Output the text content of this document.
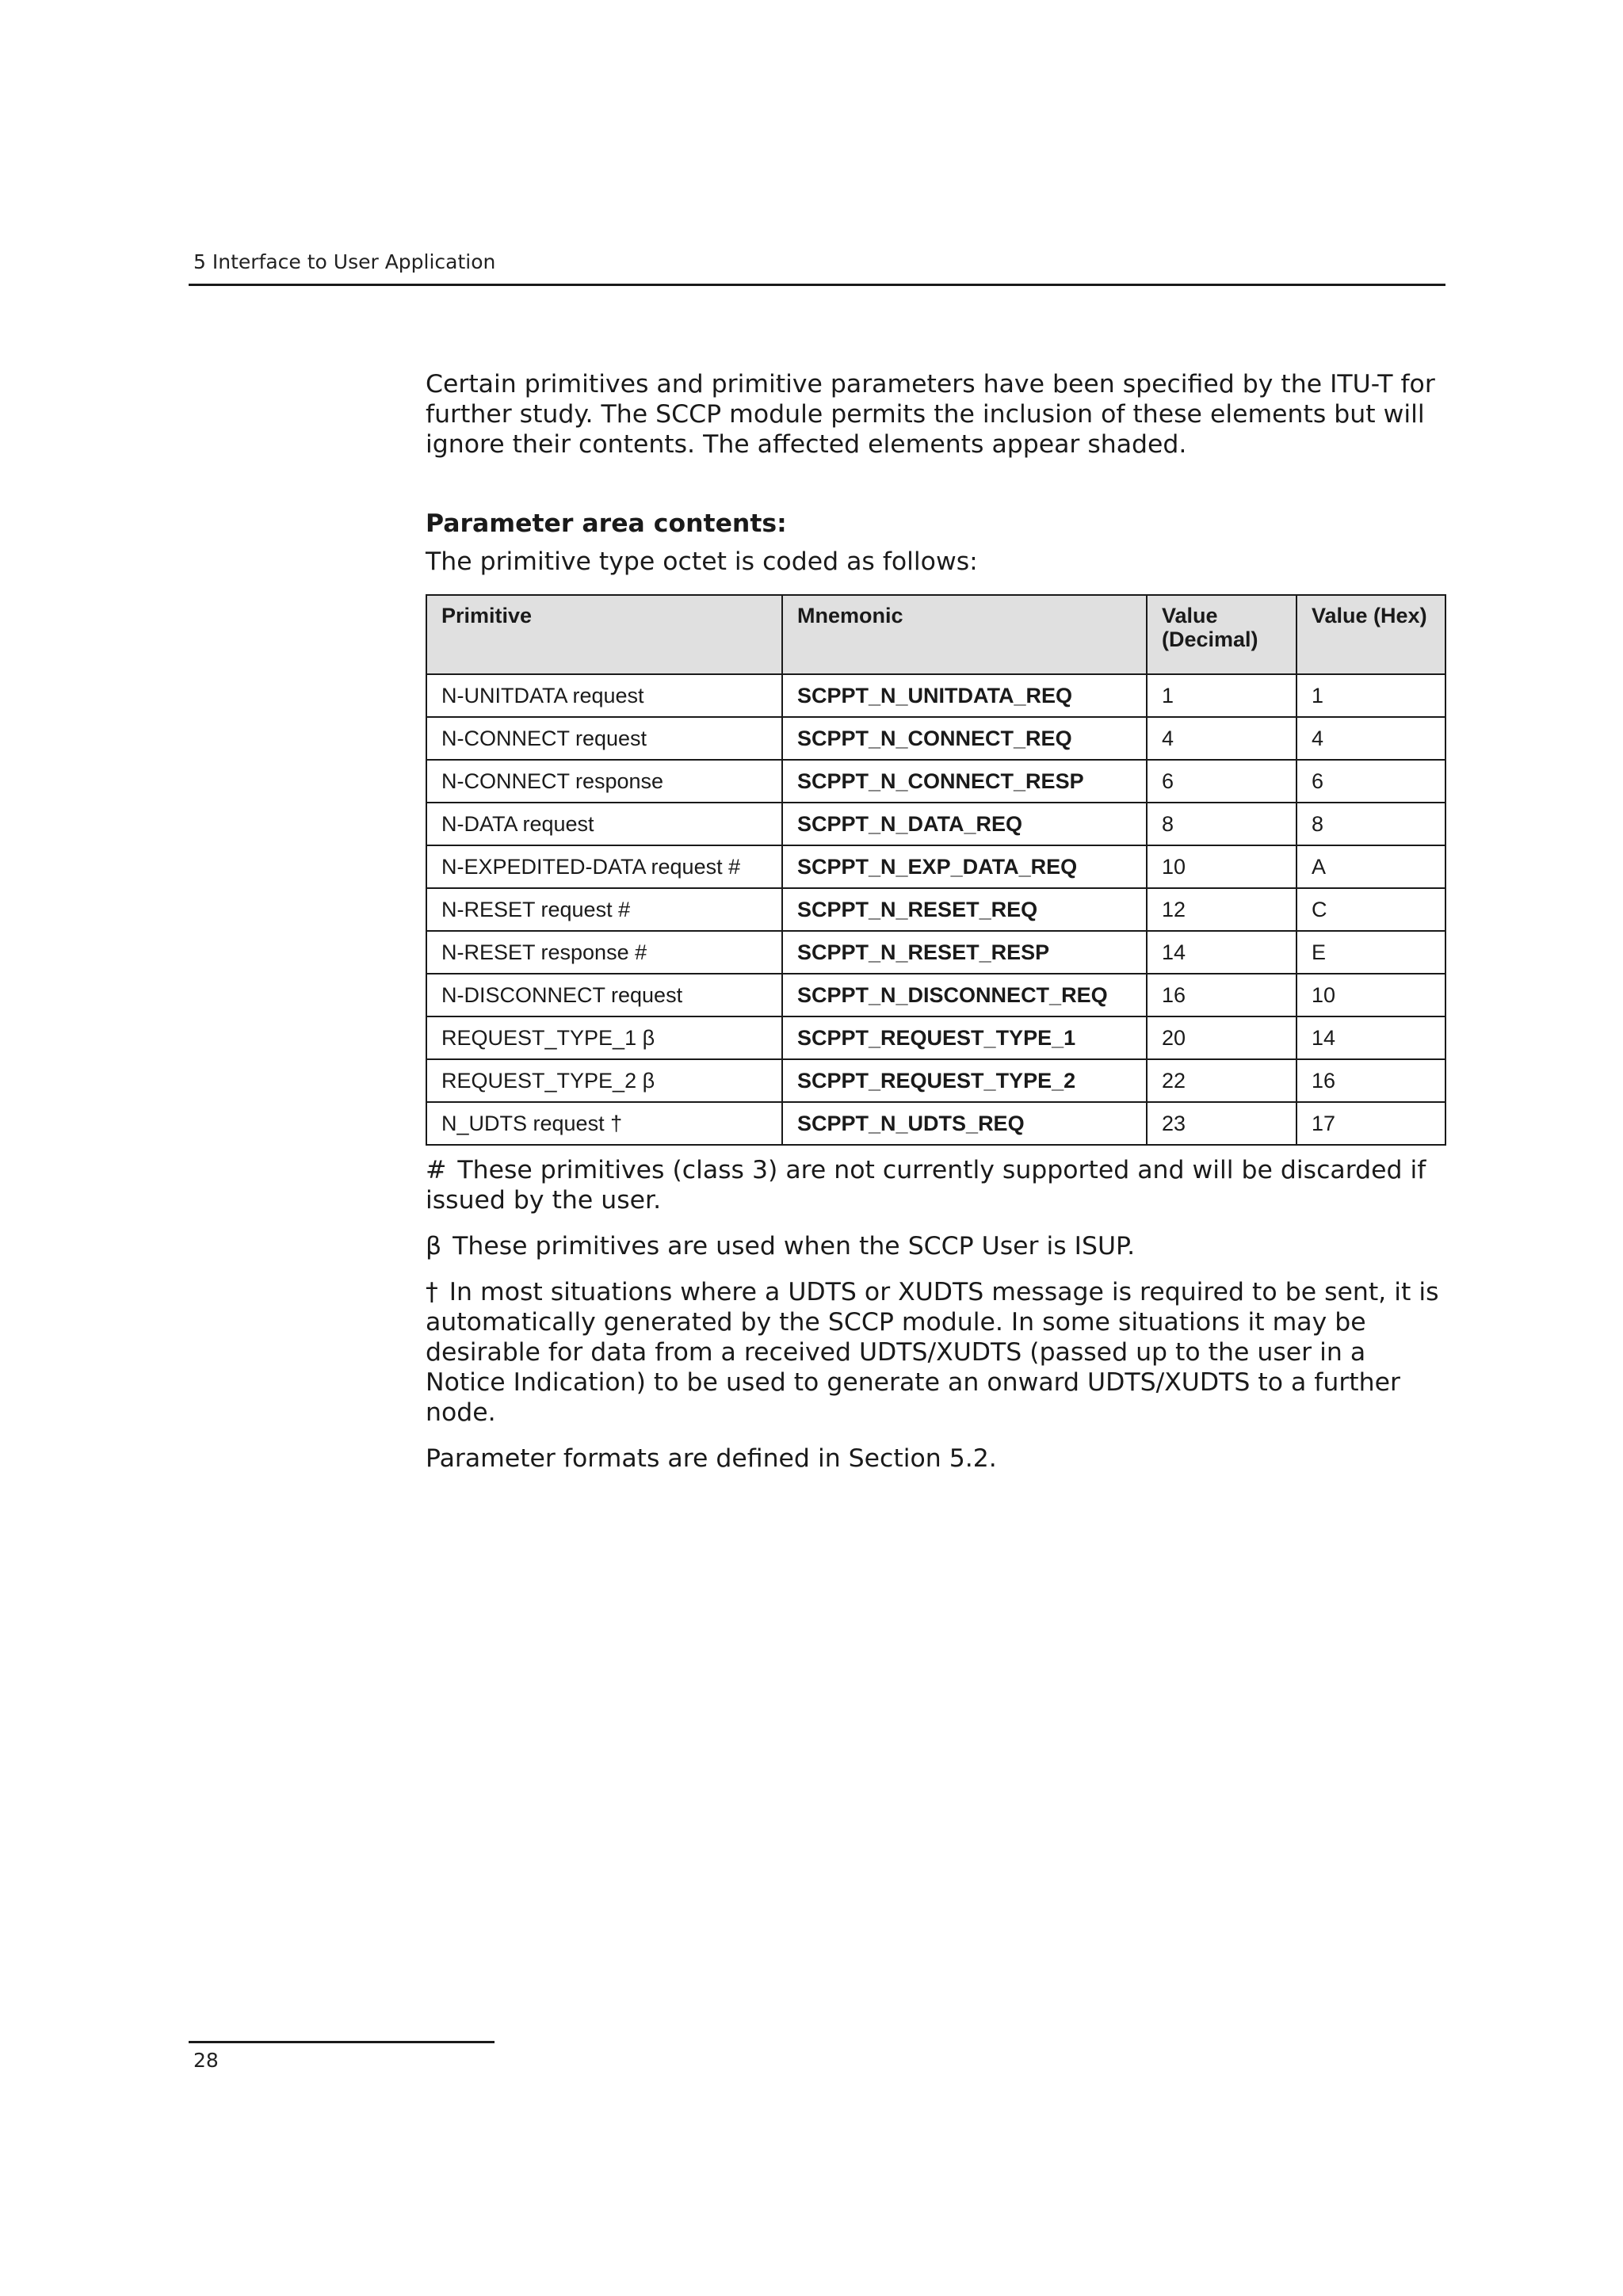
5 Interface to User Application

Certain primitives and primitive parameters have been specified by the ITU-T for further study. The SCCP module permits the inclusion of these elements but will ignore their contents. The affected elements appear shaded.

Parameter area contents:

The primitive type octet is coded as follows:

Primitive	Mnemonic	Value (Decimal)	Value (Hex)
N-UNITDATA request	SCPPT_N_UNITDATA_REQ	1	1
N-CONNECT request	SCPPT_N_CONNECT_REQ	4	4
N-CONNECT response	SCPPT_N_CONNECT_RESP	6	6
N-DATA request	SCPPT_N_DATA_REQ	8	8
N-EXPEDITED-DATA request #	SCPPT_N_EXP_DATA_REQ	10	A
N-RESET request #	SCPPT_N_RESET_REQ	12	C
N-RESET response #	SCPPT_N_RESET_RESP	14	E
N-DISCONNECT request	SCPPT_N_DISCONNECT_REQ	16	10
REQUEST_TYPE_1 β	SCPPT_REQUEST_TYPE_1	20	14
REQUEST_TYPE_2 β	SCPPT_REQUEST_TYPE_2	22	16
N_UDTS request †	SCPPT_N_UDTS_REQ	23	17

# These primitives (class 3) are not currently supported and will be discarded if issued by the user.

β These primitives are used when the SCCP User is ISUP.

† In most situations where a UDTS or XUDTS message is required to be sent, it is automatically generated by the SCCP module. In some situations it may be desirable for data from a received UDTS/XUDTS (passed up to the user in a Notice Indication) to be used to generate an onward UDTS/XUDTS to a further node.

Parameter formats are defined in Section 5.2.

28
